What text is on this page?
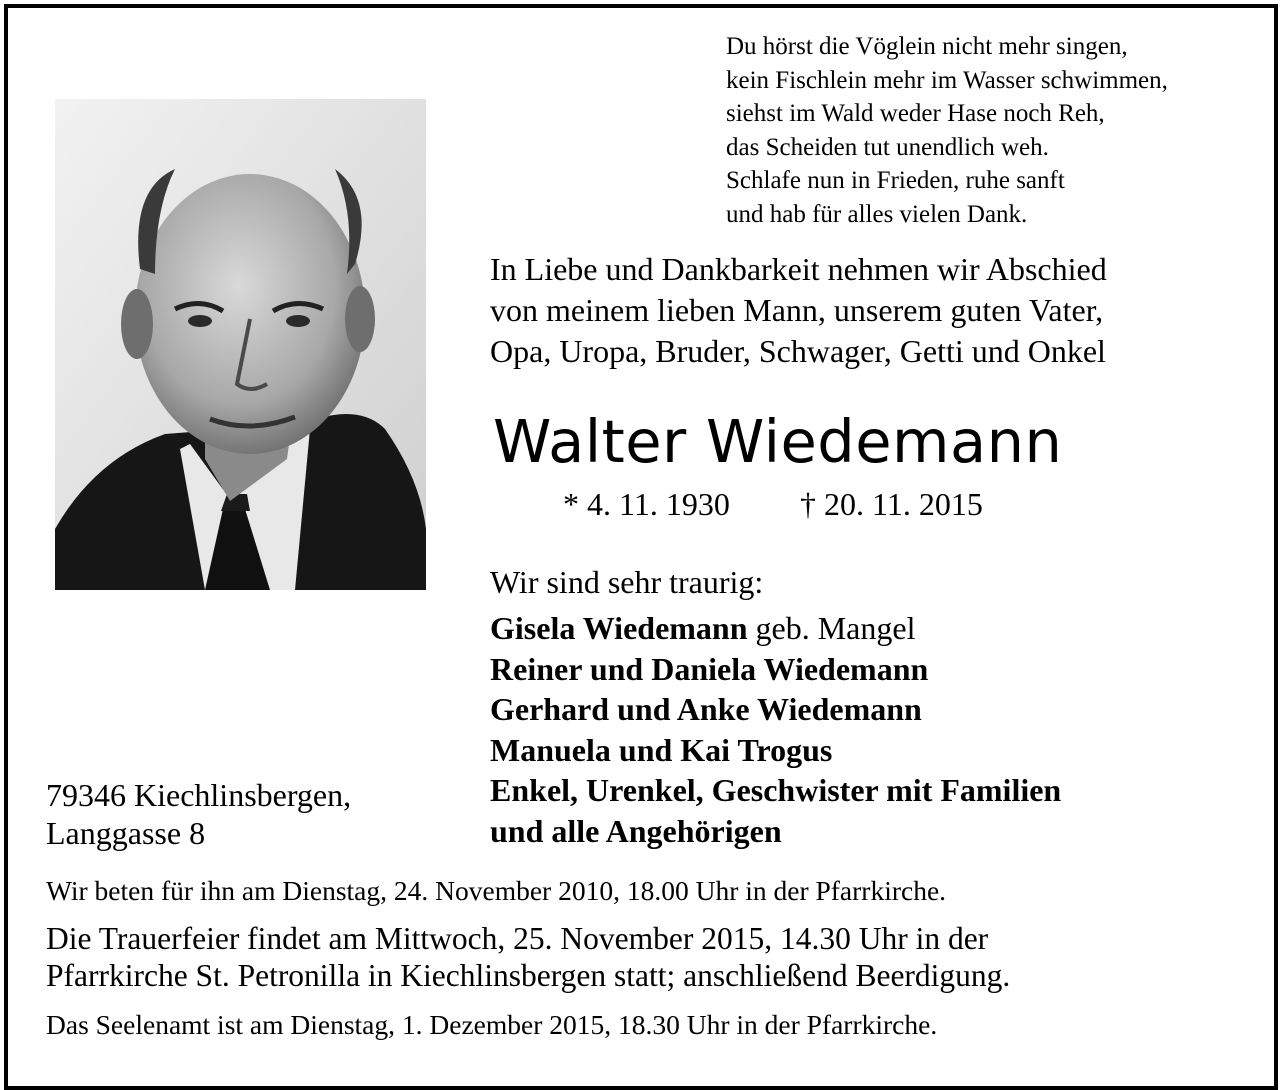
Du hörst die Vöglein nicht mehr singen,
kein Fischlein mehr im Wasser schwimmen,
siehst im Wald weder Hase noch Reh,
das Scheiden tut unendlich weh.
Schlafe nun in Frieden, ruhe sanft
und hab für alles vielen Dank.
In Liebe und Dankbarkeit nehmen wir Abschied
von meinem lieben Mann, unserem guten Vater,
Opa, Uropa, Bruder, Schwager, Getti und Onkel
Walter Wiedemann
* 4. 11. 1930 † 20. 11. 2015
Wir sind sehr traurig:
Gisela Wiedemann geb. Mangel
Reiner und Daniela Wiedemann
Gerhard und Anke Wiedemann
Manuela und Kai Trogus
Enkel, Urenkel, Geschwister mit Familien
und alle Angehörigen
79346 Kiechlinsbergen,
Langgasse 8
Wir beten für ihn am Dienstag, 24. November 2010, 18.00 Uhr in der Pfarrkirche.
Die Trauerfeier findet am Mittwoch, 25. November 2015, 14.30 Uhr in der
Pfarrkirche St. Petronilla in Kiechlinsbergen statt; anschließend Beerdigung.
Das Seelenamt ist am Dienstag, 1. Dezember 2015, 18.30 Uhr in der Pfarrkirche.
